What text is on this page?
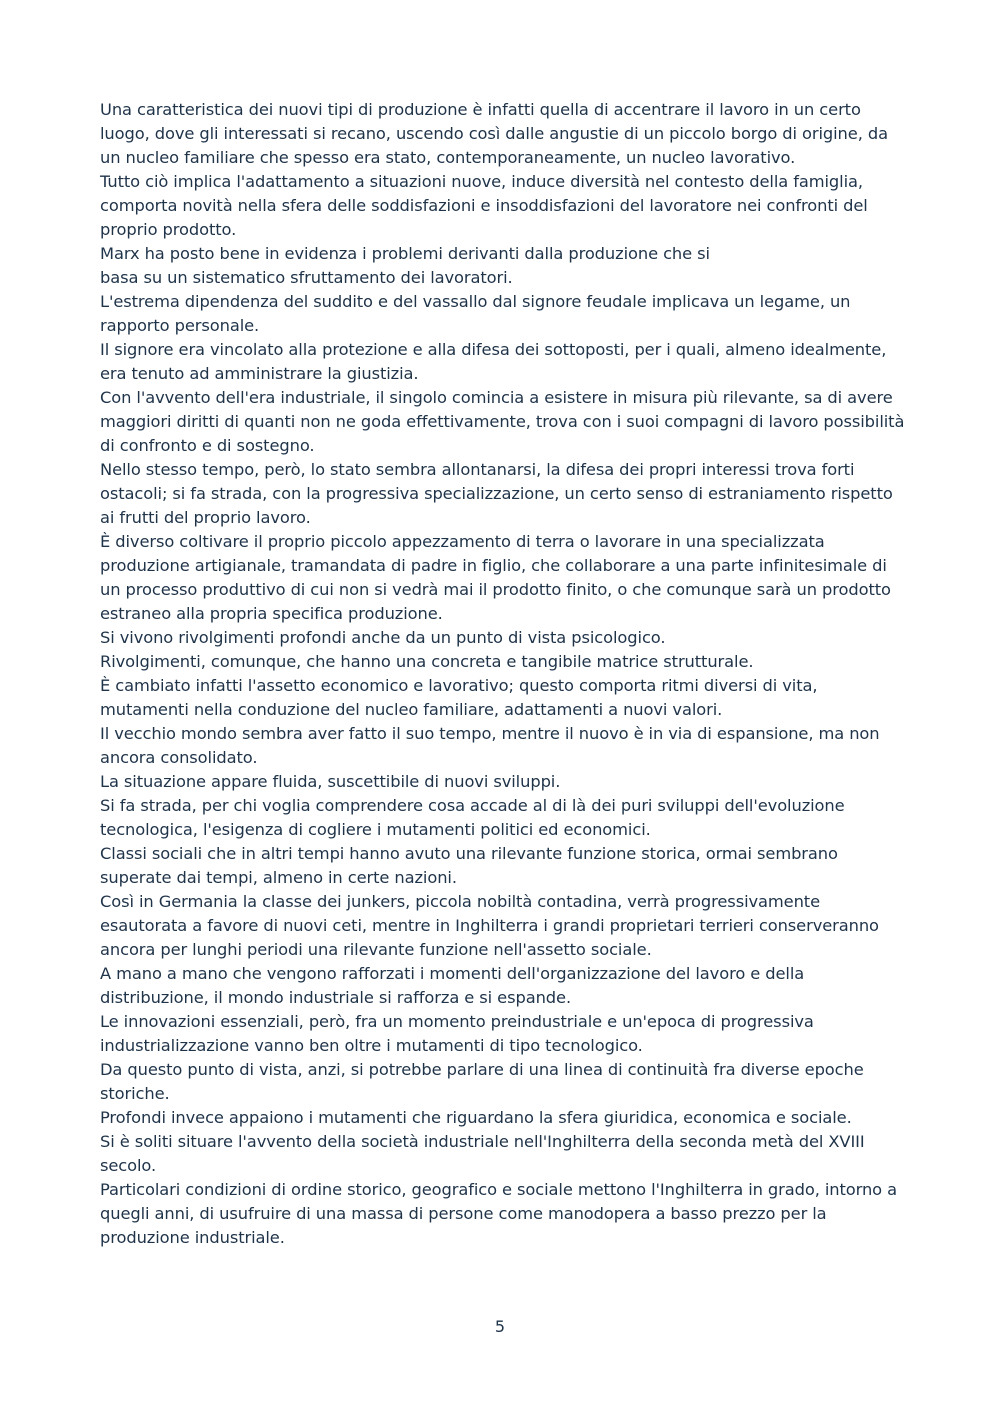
Una caratteristica dei nuovi tipi di produzione è infatti quella di accentrare il lavoro in un certo luogo, dove gli interessati si recano, uscendo così dalle angustie di un piccolo borgo di origine, da un nucleo familiare che spesso era stato, contemporaneamente, un nucleo lavorativo.

Tutto ciò implica l'adattamento a situazioni nuove, induce diversità nel contesto della famiglia, comporta novità nella sfera delle soddisfazioni e insoddisfazioni del lavoratore nei confronti del proprio prodotto.

Marx ha posto bene in evidenza i problemi derivanti dalla produzione che si

basa su un sistematico sfruttamento dei lavoratori.

L'estrema dipendenza del suddito e del vassallo dal signore feudale implicava un legame, un rapporto personale.

Il signore era vincolato alla protezione e alla difesa dei sottoposti, per i quali, almeno idealmente, era tenuto ad amministrare la giustizia.

Con l'avvento dell'era industriale, il singolo comincia a esistere in misura più rilevante, sa di avere maggiori diritti di quanti non ne goda effettivamente, trova con i suoi compagni di lavoro possibilità di confronto e di sostegno.

Nello stesso tempo, però, lo stato sembra allontanarsi, la difesa dei propri interessi trova forti ostacoli; si fa strada, con la progressiva specializzazione, un certo senso di estraniamento rispetto ai frutti del proprio lavoro.

È diverso coltivare il proprio piccolo appezzamento di terra o lavorare in una specializzata produzione artigianale, tramandata di padre in figlio, che collaborare a una parte infinitesimale di un processo produttivo di cui non si vedrà mai il prodotto finito, o che comunque sarà un prodotto estraneo alla propria specifica produzione.

Si vivono rivolgimenti profondi anche da un punto di vista psicologico.

Rivolgimenti, comunque, che hanno una concreta e tangibile matrice strutturale.

È cambiato infatti l'assetto economico e lavorativo; questo comporta ritmi diversi di vita, mutamenti nella conduzione del nucleo familiare, adattamenti a nuovi valori.

Il vecchio mondo sembra aver fatto il suo tempo, mentre il nuovo è in via di espansione, ma non ancora consolidato.

La situazione appare fluida, suscettibile di nuovi sviluppi.

Si fa strada, per chi voglia comprendere cosa accade al di là dei puri sviluppi dell'evoluzione tecnologica, l'esigenza di cogliere i mutamenti politici ed economici.

Classi sociali che in altri tempi hanno avuto una rilevante funzione storica, ormai sembrano superate dai tempi, almeno in certe nazioni.

Così in Germania la classe dei junkers, piccola nobiltà contadina, verrà progressivamente esautorata a favore di nuovi ceti, mentre in Inghilterra i grandi proprietari terrieri conserveranno ancora per lunghi periodi una rilevante funzione nell'assetto sociale.

A mano a mano che vengono rafforzati i momenti dell'organizzazione del lavoro e della distribuzione, il mondo industriale si rafforza e si espande.

Le innovazioni essenziali, però, fra un momento preindustriale e un'epoca di progressiva industrializzazione vanno ben oltre i mutamenti di tipo tecnologico.

Da questo punto di vista, anzi, si potrebbe parlare di una linea di continuità fra diverse epoche storiche.

Profondi invece appaiono i mutamenti che riguardano la sfera giuridica, economica e sociale.

Si è soliti situare l'avvento della società industriale nell'Inghilterra della seconda metà del XVIII secolo.

Particolari condizioni di ordine storico, geografico e sociale mettono l'Inghilterra in grado, intorno a quegli anni, di usufruire di una massa di persone come manodopera a basso prezzo per la produzione industriale.

5
